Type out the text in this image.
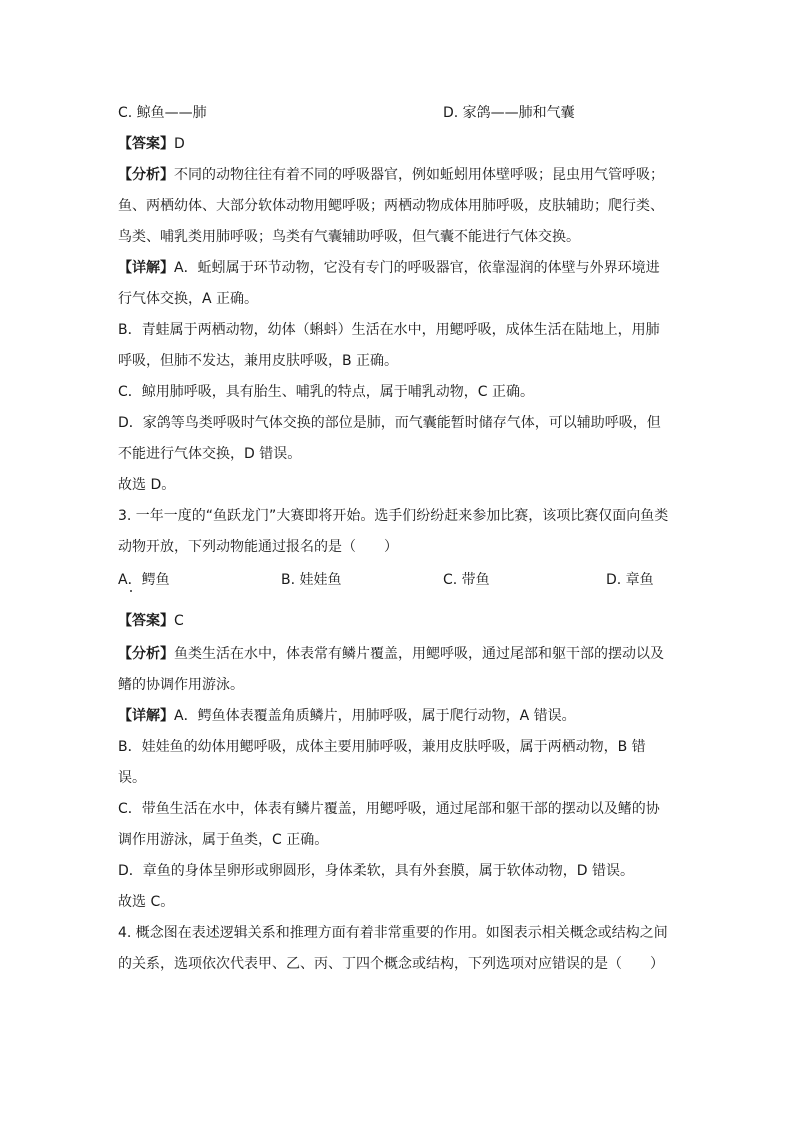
C. 鲸鱼——肺	D. 家鸽——肺和气囊
【答案】D
【分析】不同的动物往往有着不同的呼吸器官，例如蚯蚓用体壁呼吸；昆虫用气管呼吸；
鱼、两栖幼体、大部分软体动物用鳃呼吸；两栖动物成体用肺呼吸，皮肤辅助；爬行类、
鸟类、哺乳类用肺呼吸；鸟类有气囊辅助呼吸，但气囊不能进行气体交换。
【详解】A．蚯蚓属于环节动物，它没有专门的呼吸器官，依靠湿润的体壁与外界环境进
行气体交换，A 正确。
B．青蛙属于两栖动物，幼体（蝌蚪）生活在水中，用鳃呼吸，成体生活在陆地上，用肺
呼吸，但肺不发达，兼用皮肤呼吸，B 正确。
C．鲸用肺呼吸，具有胎生、哺乳的特点，属于哺乳动物，C 正确。
D．家鸽等鸟类呼吸时气体交换的部位是肺，而气囊能暂时储存气体，可以辅助呼吸，但
不能进行气体交换，D 错误。
故选 D。
3. 一年一度的“鱼跃龙门”大赛即将开始。选手们纷纷赶来参加比赛，该项比赛仅面向鱼类
动物开放，下列动物能通过报名的是（　　）
A．鳄鱼	B. 娃娃鱼	C. 带鱼	D. 章鱼
【答案】C
【分析】鱼类生活在水中，体表常有鳞片覆盖，用鳃呼吸，通过尾部和躯干部的摆动以及
鳍的协调作用游泳。
【详解】A．鳄鱼体表覆盖角质鳞片，用肺呼吸，属于爬行动物，A 错误。
B．娃娃鱼的幼体用鳃呼吸，成体主要用肺呼吸，兼用皮肤呼吸，属于两栖动物，B 错
误。
C．带鱼生活在水中，体表有鳞片覆盖，用鳃呼吸，通过尾部和躯干部的摆动以及鳍的协
调作用游泳，属于鱼类，C 正确。
D．章鱼的身体呈卵形或卵圆形，身体柔软，具有外套膜，属于软体动物，D 错误。
故选 C。
4. 概念图在表述逻辑关系和推理方面有着非常重要的作用。如图表示相关概念或结构之间
的关系，选项依次代表甲、乙、丙、丁四个概念或结构，下列选项对应错误的是（　　）
